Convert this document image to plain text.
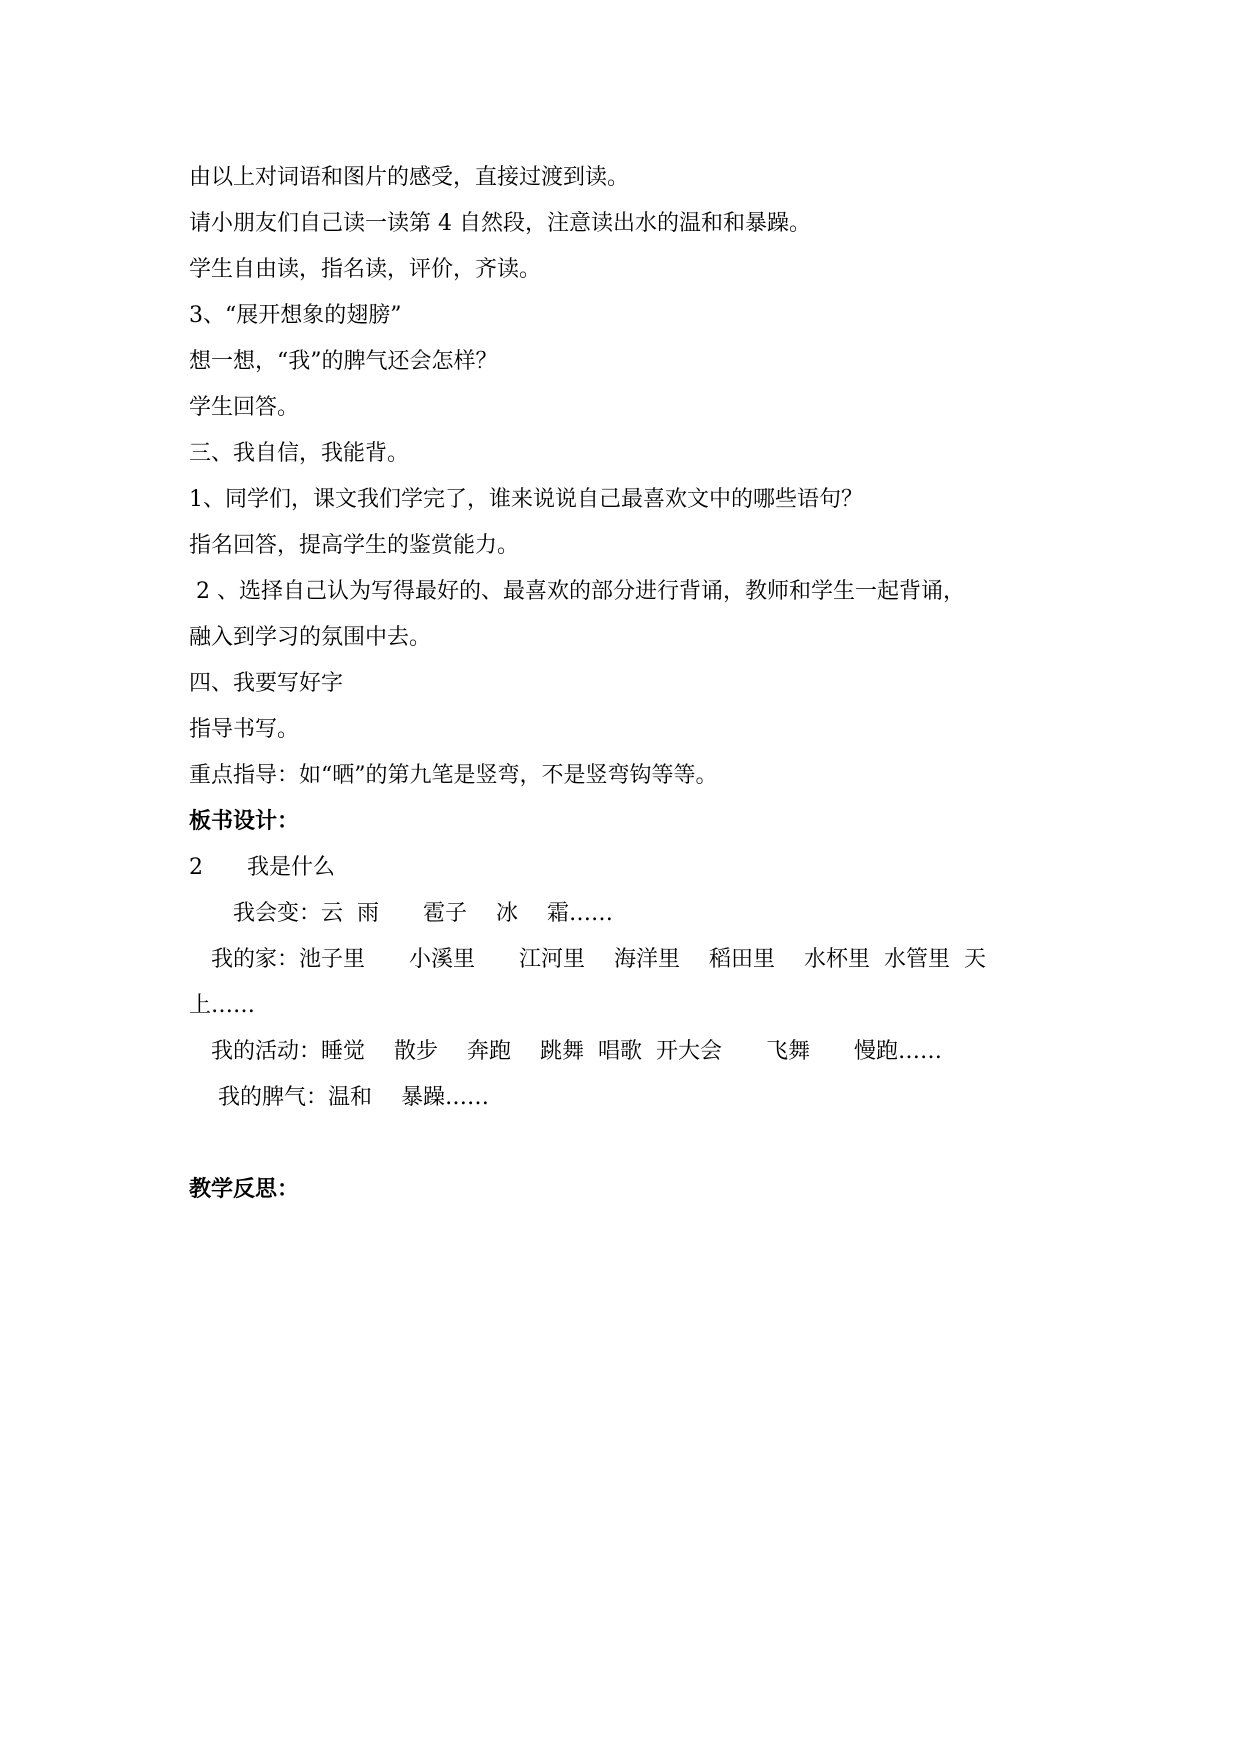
由以上对词语和图片的感受，直接过渡到读。
请小朋友们自己读一读第 4 自然段，注意读出水的温和和暴躁。
学生自由读，指名读，评价，齐读。
3、“展开想象的翅膀”
想一想，“我”的脾气还会怎样？
学生回答。
三、我自信，我能背。
1、同学们，课文我们学完了，谁来说说自己最喜欢文中的哪些语句？
指名回答，提高学生的鉴赏能力。
2 、选择自己认为写得最好的、最喜欢的部分进行背诵，教师和学生一起背诵，
融入到学习的氛围中去。
四、我要写好字
指导书写。
重点指导：如“晒”的第九笔是竖弯，不是竖弯钩等等。
板书设计：
2　　我是什么
　　我会变：云  雨　　雹子　 冰　 霜……
　我的家：池子里　　小溪里　　江河里　 海洋里　 稻田里　 水杯里  水管里  天
上……
　我的活动：睡觉　 散步　 奔跑　 跳舞  唱歌  开大会　　飞舞　　慢跑……
　 我的脾气：温和　 暴躁……
教学反思：
